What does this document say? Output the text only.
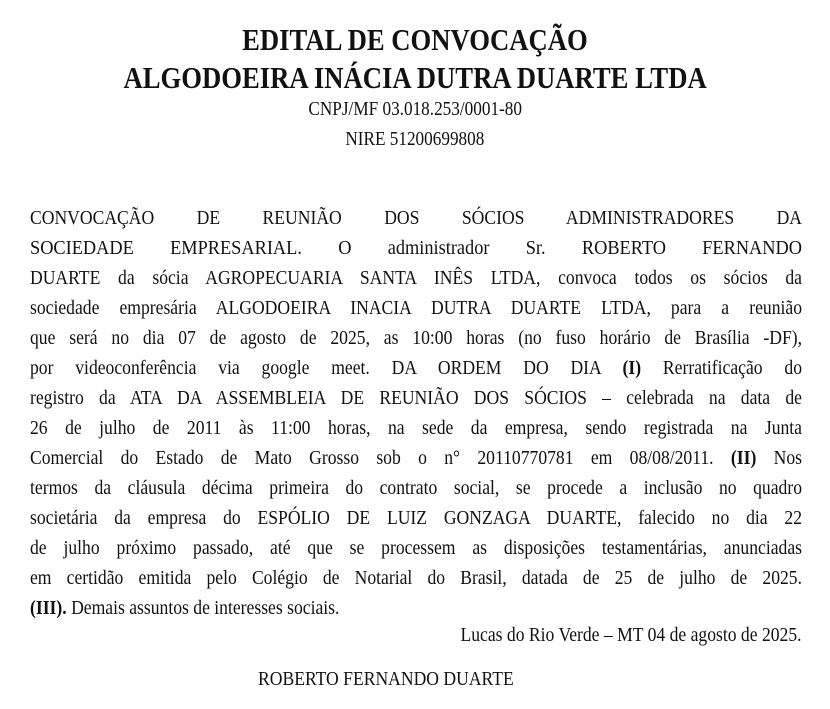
EDITAL DE CONVOCAÇÃO
ALGODOEIRA INÁCIA DUTRA DUARTE LTDA
CNPJ/MF 03.018.253/0001-80
NIRE 51200699808
CONVOCAÇÃO DE REUNIÃO DOS SÓCIOS ADMINISTRADORES DA
SOCIEDADE EMPRESARIAL. O administrador Sr. ROBERTO FERNANDO
DUARTE da sócia AGROPECUARIA SANTA INÊS LTDA, convoca todos os sócios da
sociedade empresária ALGODOEIRA INACIA DUTRA DUARTE LTDA, para a reunião
que será no dia 07 de agosto de 2025, as 10:00 horas (no fuso horário de Brasília -DF),
por videoconferência via google meet. DA ORDEM DO DIA (I) Rerratificação do
registro da ATA DA ASSEMBLEIA DE REUNIÃO DOS SÓCIOS – celebrada na data de
26 de julho de 2011 às 11:00 horas, na sede da empresa, sendo registrada na Junta
Comercial do Estado de Mato Grosso sob o n° 20110770781 em 08/08/2011. (II) Nos
termos da cláusula décima primeira do contrato social, se procede a inclusão no quadro
societária da empresa do ESPÓLIO DE LUIZ GONZAGA DUARTE, falecido no dia 22
de julho próximo passado, até que se processem as disposições testamentárias, anunciadas
em certidão emitida pelo Colégio de Notarial do Brasil, datada de 25 de julho de 2025.
(III). Demais assuntos de interesses sociais.
Lucas do Rio Verde – MT 04 de agosto de 2025.
ROBERTO FERNANDO DUARTE
